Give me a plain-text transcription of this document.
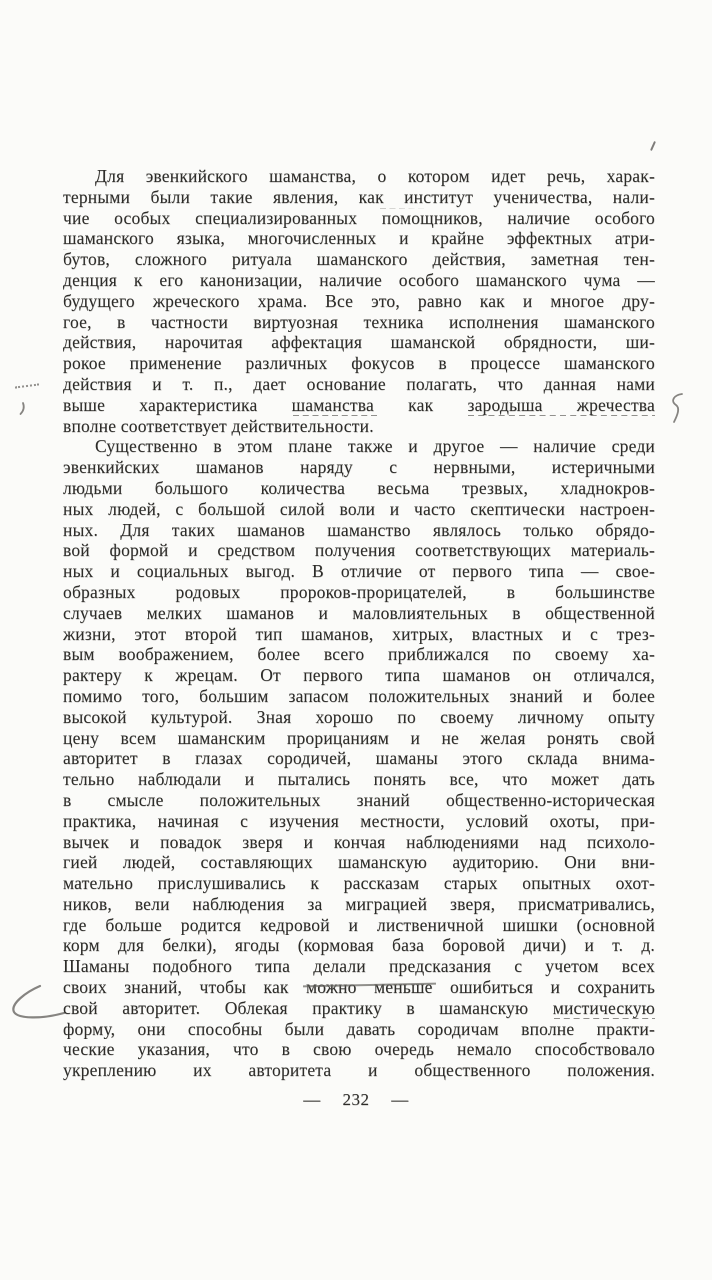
Для эвенкийского шаманства, о котором идет речь, харак-
терными были такие явления, как институт ученичества, нали-
чие особых специализированных помощников, наличие особого
шаманского языка, многочисленных и крайне эффектных атри-
бутов, сложного ритуала шаманского действия, заметная тен-
денция к его канонизации, наличие особого шаманского чума —
будущего жреческого храма. Все это, равно как и многое дру-
гое, в частности виртуозная техника исполнения шаманского
действия, нарочитая аффектация шаманской обрядности, ши-
рокое применение различных фокусов в процессе шаманского
действия и т. п., дает основание полагать, что данная нами
выше характеристика шаманства как зародыша жречества
вполне соответствует действительности.
Существенно в этом плане также и другое — наличие среди
эвенкийских шаманов наряду с нервными, истеричными
людьми большого количества весьма трезвых, хладнокров-
ных людей, с большой силой воли и часто скептически настроен-
ных. Для таких шаманов шаманство являлось только обрядо-
вой формой и средством получения соответствующих материаль-
ных и социальных выгод. В отличие от первого типа — свое-
образных родовых пророков-прорицателей, в большинстве
случаев мелких шаманов и маловлиятельных в общественной
жизни, этот второй тип шаманов, хитрых, властных и с трез-
вым воображением, более всего приближался по своему ха-
рактеру к жрецам. От первого типа шаманов он отличался,
помимо того, большим запасом положительных знаний и более
высокой культурой. Зная хорошо по своему личному опыту
цену всем шаманским прорицаниям и не желая ронять свой
авторитет в глазах сородичей, шаманы этого склада внима-
тельно наблюдали и пытались понять все, что может дать
в смысле положительных знаний общественно-историческая
практика, начиная с изучения местности, условий охоты, при-
вычек и повадок зверя и кончая наблюдениями над психоло-
гией людей, составляющих шаманскую аудиторию. Они вни-
мательно прислушивались к рассказам старых опытных охот-
ников, вели наблюдения за миграцией зверя, присматривались,
где больше родится кедровой и лиственичной шишки (основной
корм для белки), ягоды (кормовая база боровой дичи) и т. д.
Шаманы подобного типа делали предсказания с учетом всех
своих знаний, чтобы как можно меньше ошибиться и сохранить
свой авторитет. Облекая практику в шаманскую мистическую
форму, они способны были давать сородичам вполне практи-
ческие указания, что в свою очередь немало способствовало
укреплению их авторитета и общественного положения.
— 232 —
